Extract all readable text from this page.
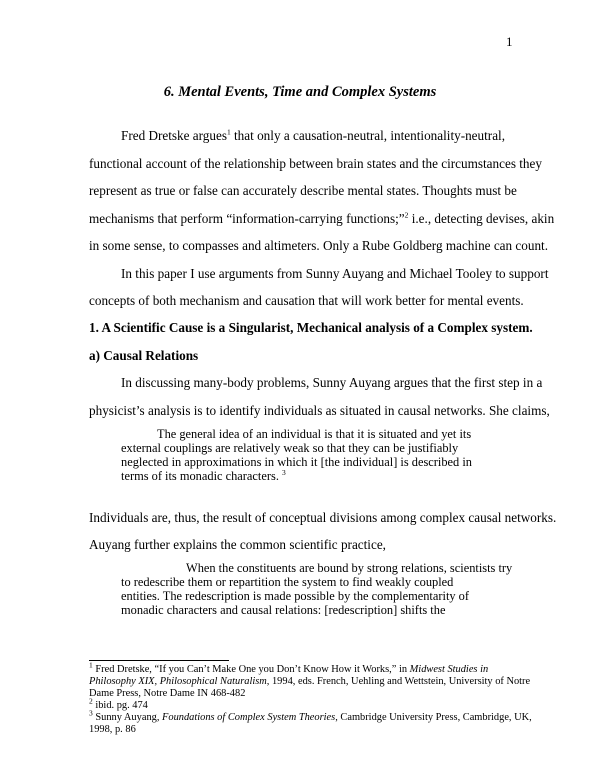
1
6. Mental Events, Time and Complex Systems
Fred Dretske argues$^1$ that only a causation-neutral, intentionality-neutral,
functional account of the relationship between brain states and the circumstances they
represent as true or false can accurately describe mental states. Thoughts must be
mechanisms that perform “information-carrying functions;”$^2$ i.e., detecting devises, akin
in some sense, to compasses and altimeters. Only a Rube Goldberg machine can count.
In this paper I use arguments from Sunny Auyang and Michael Tooley to support
concepts of both mechanism and causation that will work better for mental events.
1. A Scientific Cause is a Singularist, Mechanical analysis of a Complex system.
a) Causal Relations
In discussing many-body problems, Sunny Auyang argues that the first step in a
physicist’s analysis is to identify individuals as situated in causal networks. She claims,
The general idea of an individual is that it is situated and yet its
external couplings are relatively weak so that they can be justifiably
neglected in approximations in which it [the individual] is described in
terms of its monadic characters. $^3$
Individuals are, thus, the result of conceptual divisions among complex causal networks.
Auyang further explains the common scientific practice,
When the constituents are bound by strong relations, scientists try
to redescribe them or repartition the system to find weakly coupled
entities. The redescription is made possible by the complementarity of
monadic characters and causal relations: [redescription] shifts the
$^1$ Fred Dretske, “If you Can’t Make One you Don’t Know How it Works,” in Midwest Studies in
Philosophy XIX, Philosophical Naturalism, 1994, eds. French, Uehling and Wettstein, University of Notre
Dame Press, Notre Dame IN 468-482
$^2$ ibid. pg. 474
$^3$ Sunny Auyang, Foundations of Complex System Theories, Cambridge University Press, Cambridge, UK,
1998, p. 86
